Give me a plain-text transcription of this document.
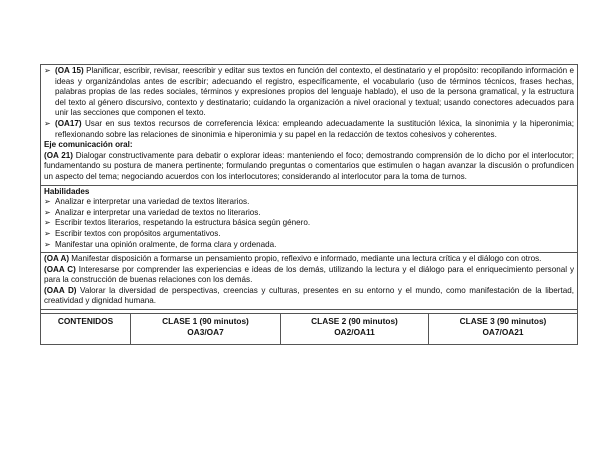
➢ (OA 15) Planificar, escribir, revisar, reescribir y editar sus textos en función del contexto, el destinatario y el propósito: recopilando información e ideas y organizándolas antes de escribir; adecuando el registro, específicamente, el vocabulario (uso de términos técnicos, frases hechas, palabras propias de las redes sociales, términos y expresiones propios del lenguaje hablado), el uso de la persona gramatical, y la estructura del texto al género discursivo, contexto y destinatario; cuidando la organización a nivel oracional y textual; usando conectores adecuados para unir las secciones que componen el texto.
➢ (OA17) Usar en sus textos recursos de correferencia léxica: empleando adecuadamente la sustitución léxica, la sinonimia y la hiperonimia; reflexionando sobre las relaciones de sinonimia e hiperonimia y su papel en la redacción de textos cohesivos y coherentes.
Eje comunicación oral:
(OA 21) Dialogar constructivamente para debatir o explorar ideas: manteniendo el foco; demostrando comprensión de lo dicho por el interlocutor; fundamentando su postura de manera pertinente; formulando preguntas o comentarios que estimulen o hagan avanzar la discusión o profundicen un aspecto del tema; negociando acuerdos con los interlocutores; considerando al interlocutor para la toma de turnos.
Habilidades
➢ Analizar e interpretar una variedad de textos literarios.
➢ Analizar e interpretar una variedad de textos no literarios.
➢ Escribir textos literarios, respetando la estructura básica según género.
➢ Escribir textos con propósitos argumentativos.
➢ Manifestar una opinión oralmente, de forma clara y ordenada.
(OA A) Manifestar disposición a formarse un pensamiento propio, reflexivo e informado, mediante una lectura crítica y el diálogo con otros.
(OAA C) Interesarse por comprender las experiencias e ideas de los demás, utilizando la lectura y el diálogo para el enriquecimiento personal y para la construcción de buenas relaciones con los demás.
(OAA D) Valorar la diversidad de perspectivas, creencias y culturas, presentes en su entorno y el mundo, como manifestación de la libertad, creatividad y dignidad humana.
CONTENIDOS	CLASE 1 (90 minutos)
OA3/OA7
CLASE 2 (90 minutos)
OA2/OA11
CLASE 3 (90 minutos)
OA7/OA21
